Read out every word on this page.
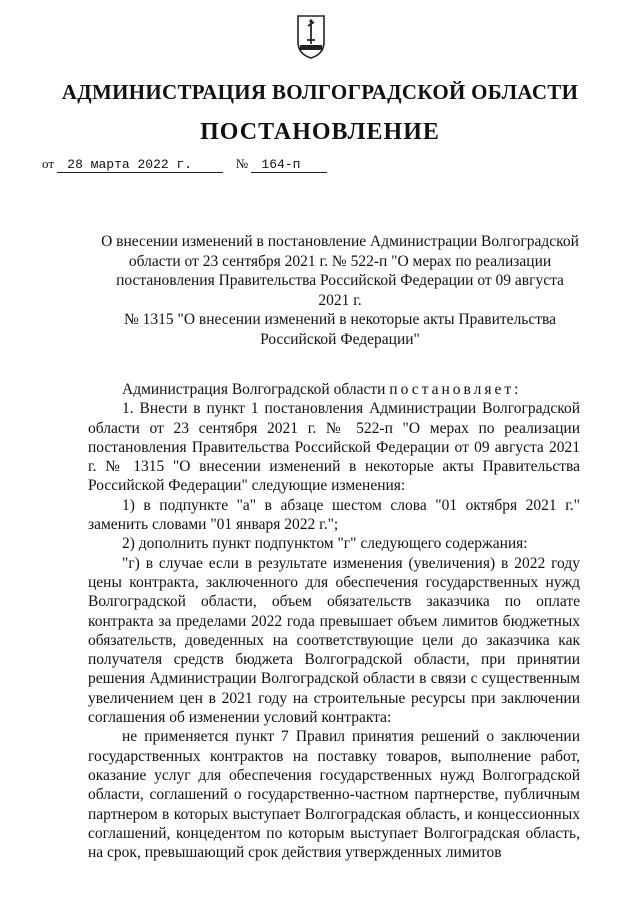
АДМИНИСТРАЦИЯ ВОЛГОГРАДСКОЙ ОБЛАСТИ
ПОСТАНОВЛЕНИЕ
от 28 марта 2022 г.	№ 164-п
О внесении изменений в постановление Администрации Волгоградской
области от 23 сентября 2021 г. № 522-п "О мерах по реализации
постановления Правительства Российской Федерации от 09 августа 2021 г.
№ 1315 "О внесении изменений в некоторые акты Правительства
Российской Федерации"

Администрация Волгоградской области постановляет:

1. Внести в пункт 1 постановления Администрации Волгоградской области от 23 сентября 2021 г. № 522-п "О мерах по реализации постановления Правительства Российской Федерации от 09 августа 2021 г. № 1315 "О внесении изменений в некоторые акты Правительства Российской Федерации" следующие изменения:

1) в подпункте "а" в абзаце шестом слова "01 октября 2021 г." заменить словами "01 января 2022 г.";

2) дополнить пункт подпунктом "г" следующего содержания:

"г) в случае если в результате изменения (увеличения) в 2022 году цены контракта, заключенного для обеспечения государственных нужд Волгоградской области, объем обязательств заказчика по оплате контракта за пределами 2022 года превышает объем лимитов бюджетных обязательств, доведенных на соответствующие цели до заказчика как получателя средств бюджета Волгоградской области, при принятии решения Администрации Волгоградской области в связи с существенным увеличением цен в 2021 году на строительные ресурсы при заключении соглашения об изменении условий контракта:

не применяется пункт 7 Правил принятия решений о заключении государственных контрактов на поставку товаров, выполнение работ, оказание услуг для обеспечения государственных нужд Волгоградской области, соглашений о государственно-частном партнерстве, публичным партнером в которых выступает Волгоградская область, и концессионных соглашений, концедентом по которым выступает Волгоградская область, на срок, превышающий срок действия утвержденных лимитов
